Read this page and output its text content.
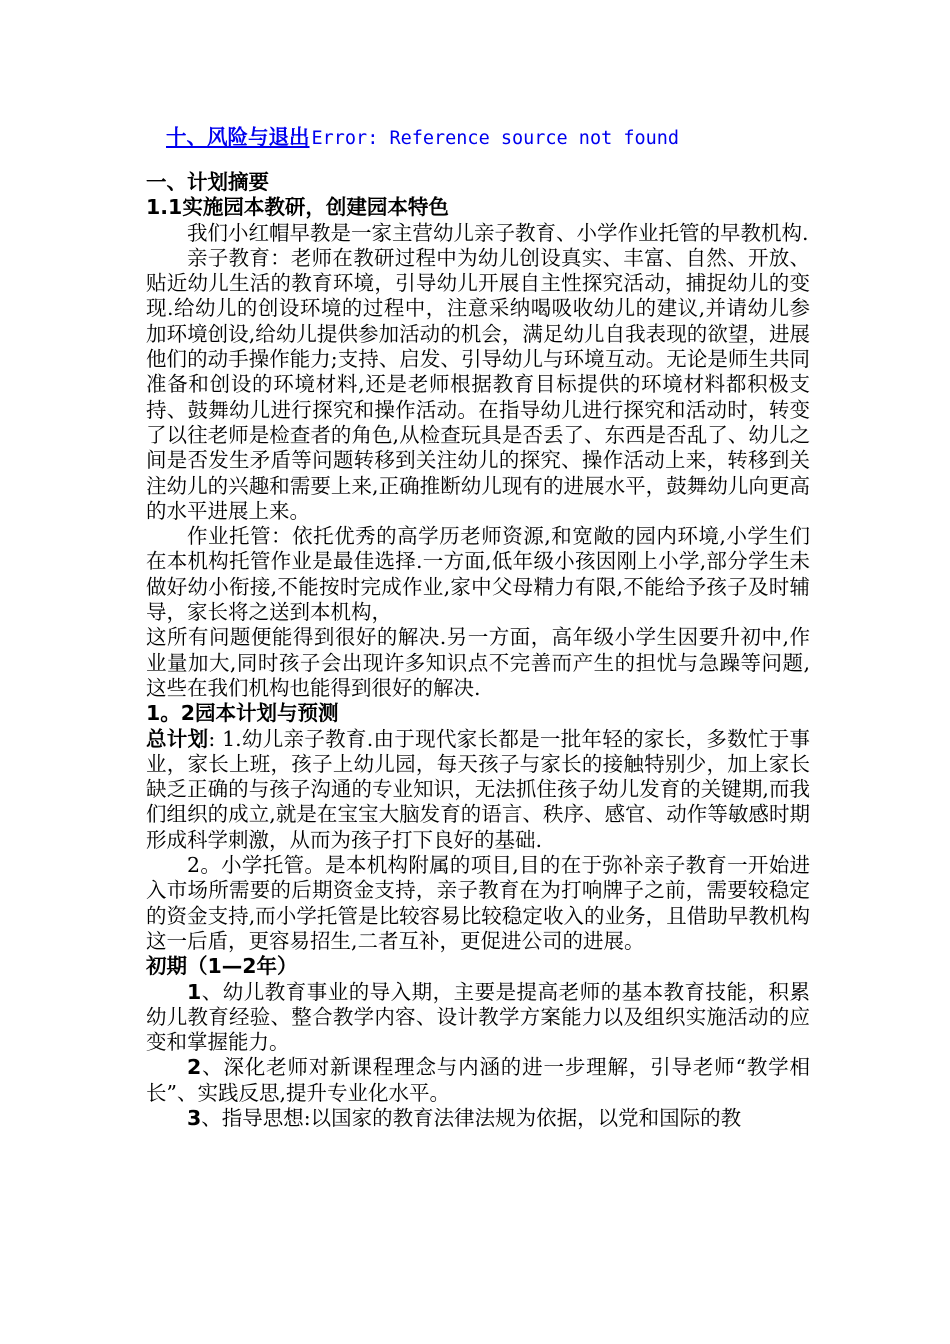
十、风险与退出 Error: Reference source not found

一、计划摘要

1.1实施园本教研，创建园本特色

我们小红帽早教是一家主营幼儿亲子教育、小学作业托管的早教机构.

亲子教育：老师在教研过程中为幼儿创设真实、丰富、自然、开放、贴近幼儿生活的教育环境，引导幼儿开展自主性探究活动，捕捉幼儿的变现.给幼儿的创设环境的过程中，注意采纳喝吸收幼儿的建议,并请幼儿参加环境创设,给幼儿提供参加活动的机会，满足幼儿自我表现的欲望，进展他们的动手操作能力;支持、启发、引导幼儿与环境互动。无论是师生共同准备和创设的环境材料,还是老师根据教育目标提供的环境材料都积极支持、鼓舞幼儿进行探究和操作活动。在指导幼儿进行探究和活动时，转变了以往老师是检查者的角色,从检查玩具是否丢了、东西是否乱了、幼儿之间是否发生矛盾等问题转移到关注幼儿的探究、操作活动上来，转移到关注幼儿的兴趣和需要上来,正确推断幼儿现有的进展水平，鼓舞幼儿向更高的水平进展上来。

作业托管：依托优秀的高学历老师资源,和宽敞的园内环境,小学生们在本机构托管作业是最佳选择.一方面,低年级小孩因刚上小学,部分学生未做好幼小衔接,不能按时完成作业,家中父母精力有限,不能给予孩子及时辅导，家长将之送到本机构，

这所有问题便能得到很好的解决.另一方面，高年级小学生因要升初中,作业量加大,同时孩子会出现许多知识点不完善而产生的担忧与急躁等问题,这些在我们机构也能得到很好的解决.

1。2园本计划与预测

总计划: 1.幼儿亲子教育.由于现代家长都是一批年轻的家长，多数忙于事业，家长上班，孩子上幼儿园，每天孩子与家长的接触特别少，加上家长缺乏正确的与孩子沟通的专业知识，无法抓住孩子幼儿发育的关键期,而我们组织的成立,就是在宝宝大脑发育的语言、秩序、感官、动作等敏感时期形成科学刺激，从而为孩子打下良好的基础.

2。小学托管。是本机构附属的项目,目的在于弥补亲子教育一开始进入市场所需要的后期资金支持，亲子教育在为打响牌子之前，需要较稳定的资金支持,而小学托管是比较容易比较稳定收入的业务，且借助早教机构这一后盾，更容易招生,二者互补，更促进公司的进展。

初期（1—2年）

1、幼儿教育事业的导入期，主要是提高老师的基本教育技能，积累幼儿教育经验、整合教学内容、设计教学方案能力以及组织实施活动的应变和掌握能力。

2、深化老师对新课程理念与内涵的进一步理解，引导老师“教学相长”、实践反思,提升专业化水平。

3、指导思想:以国家的教育法律法规为依据，以党和国际的教
